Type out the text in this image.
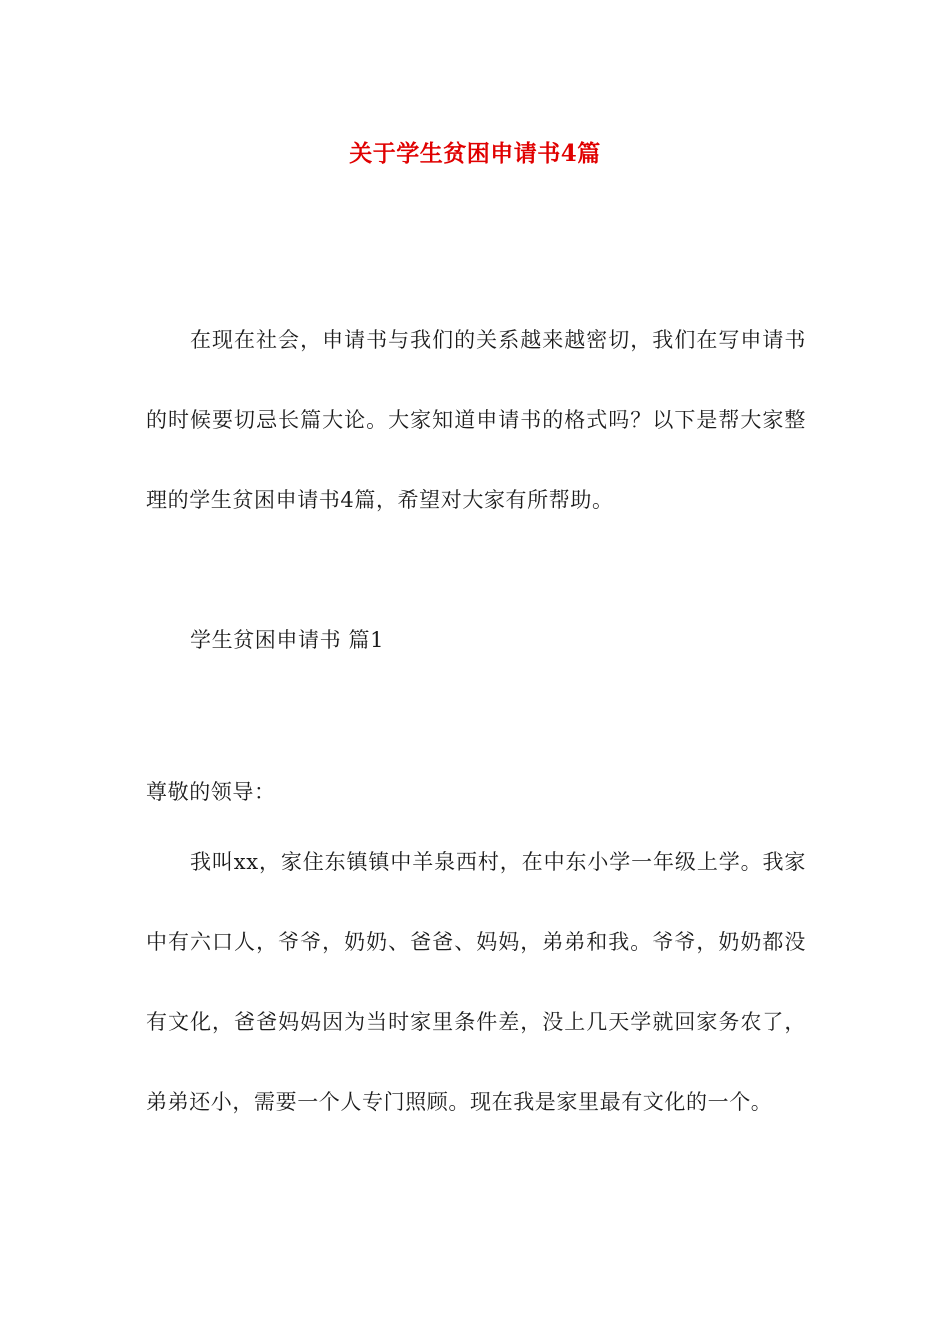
关于学生贫困申请书4篇

在现在社会，申请书与我们的关系越来越密切，我们在写申请书的时候要切忌长篇大论。大家知道申请书的格式吗？以下是帮大家整理的学生贫困申请书4篇，希望对大家有所帮助。

学生贫困申请书 篇1

尊敬的领导：

我叫xx，家住东镇镇中羊泉西村，在中东小学一年级上学。我家中有六口人，爷爷，奶奶、爸爸、妈妈，弟弟和我。爷爷，奶奶都没有文化，爸爸妈妈因为当时家里条件差，没上几天学就回家务农了，弟弟还小，需要一个人专门照顾。现在我是家里最有文化的一个。
